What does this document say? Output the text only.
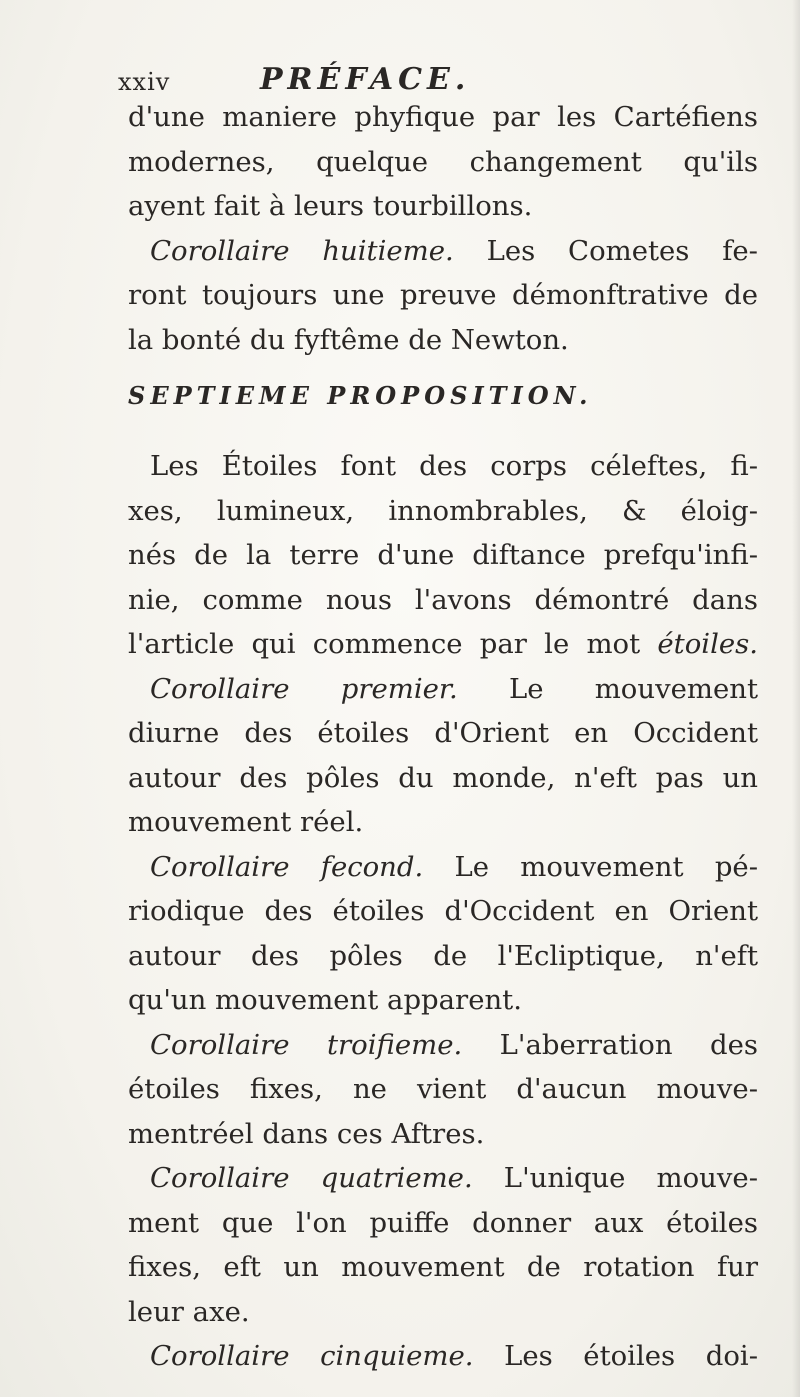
xxiv	PRÉFACE.
d'une maniere phyfique par les Cartéfiens
modernes, quelque changement qu'ils
ayent fait à leurs tourbillons.
Corollaire huitieme. Les Cometes fe-
ront toujours une preuve démonftrative de
la bonté du fyftême de Newton.
SEPTIEME PROPOSITION.
Les Étoiles font des corps céleftes, fi-
xes, lumineux, innombrables, & éloig-
nés de la terre d'une diftance prefqu'infi-
nie, comme nous l'avons démontré dans
l'article qui commence par le mot étoiles.
Corollaire premier. Le mouvement
diurne des étoiles d'Orient en Occident
autour des pôles du monde, n'eft pas un
mouvement réel.
Corollaire fecond. Le mouvement pé-
riodique des étoiles d'Occident en Orient
autour des pôles de l'Ecliptique, n'eft
qu'un mouvement apparent.
Corollaire troifieme. L'aberration des
étoiles fixes, ne vient d'aucun mouve-
mentréel dans ces Aftres.
Corollaire quatrieme. L'unique mouve-
ment que l'on puiffe donner aux étoiles
fixes, eft un mouvement de rotation fur
leur axe.
Corollaire cinquieme. Les étoiles doi-
